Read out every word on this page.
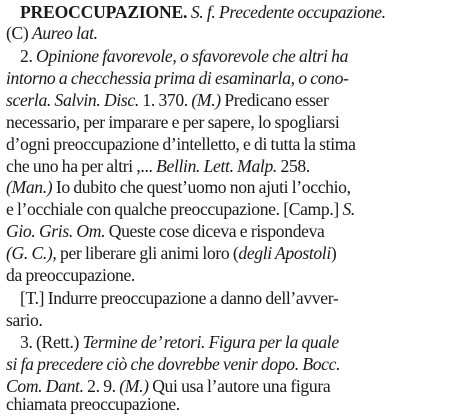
PREOCCUPAZIONE. S. f. Precedente occupazione.
(C) Aureo lat.
2. Opinione favorevole, o sfavorevole che altri ha
intorno a checchessia prima di esaminarla, o cono-
scerla. Salvin. Disc. 1. 370. (M.) Predicano esser
necessario, per imparare e per sapere, lo spogliarsi
d’ogni preoccupazione d’intelletto, e di tutta la stima
che uno ha per altri ,... Bellin. Lett. Malp. 258.
(Man.) Io dubito che quest’uomo non ajuti l’occhio,
e l’occhiale con qualche preoccupazione. [Camp.] S.
Gio. Gris. Om. Queste cose diceva e rispondeva
(G. C.), per liberare gli animi loro (degli Apostoli)
da preoccupazione.
[T.] Indurre preoccupazione a danno dell’avver-
sario.
3. (Rett.) Termine de’ retori. Figura per la quale
si fa precedere ciò che dovrebbe venir dopo. Bocc.
Com. Dant. 2. 9. (M.) Qui usa l’autore una figura
chiamata preoccupazione.
